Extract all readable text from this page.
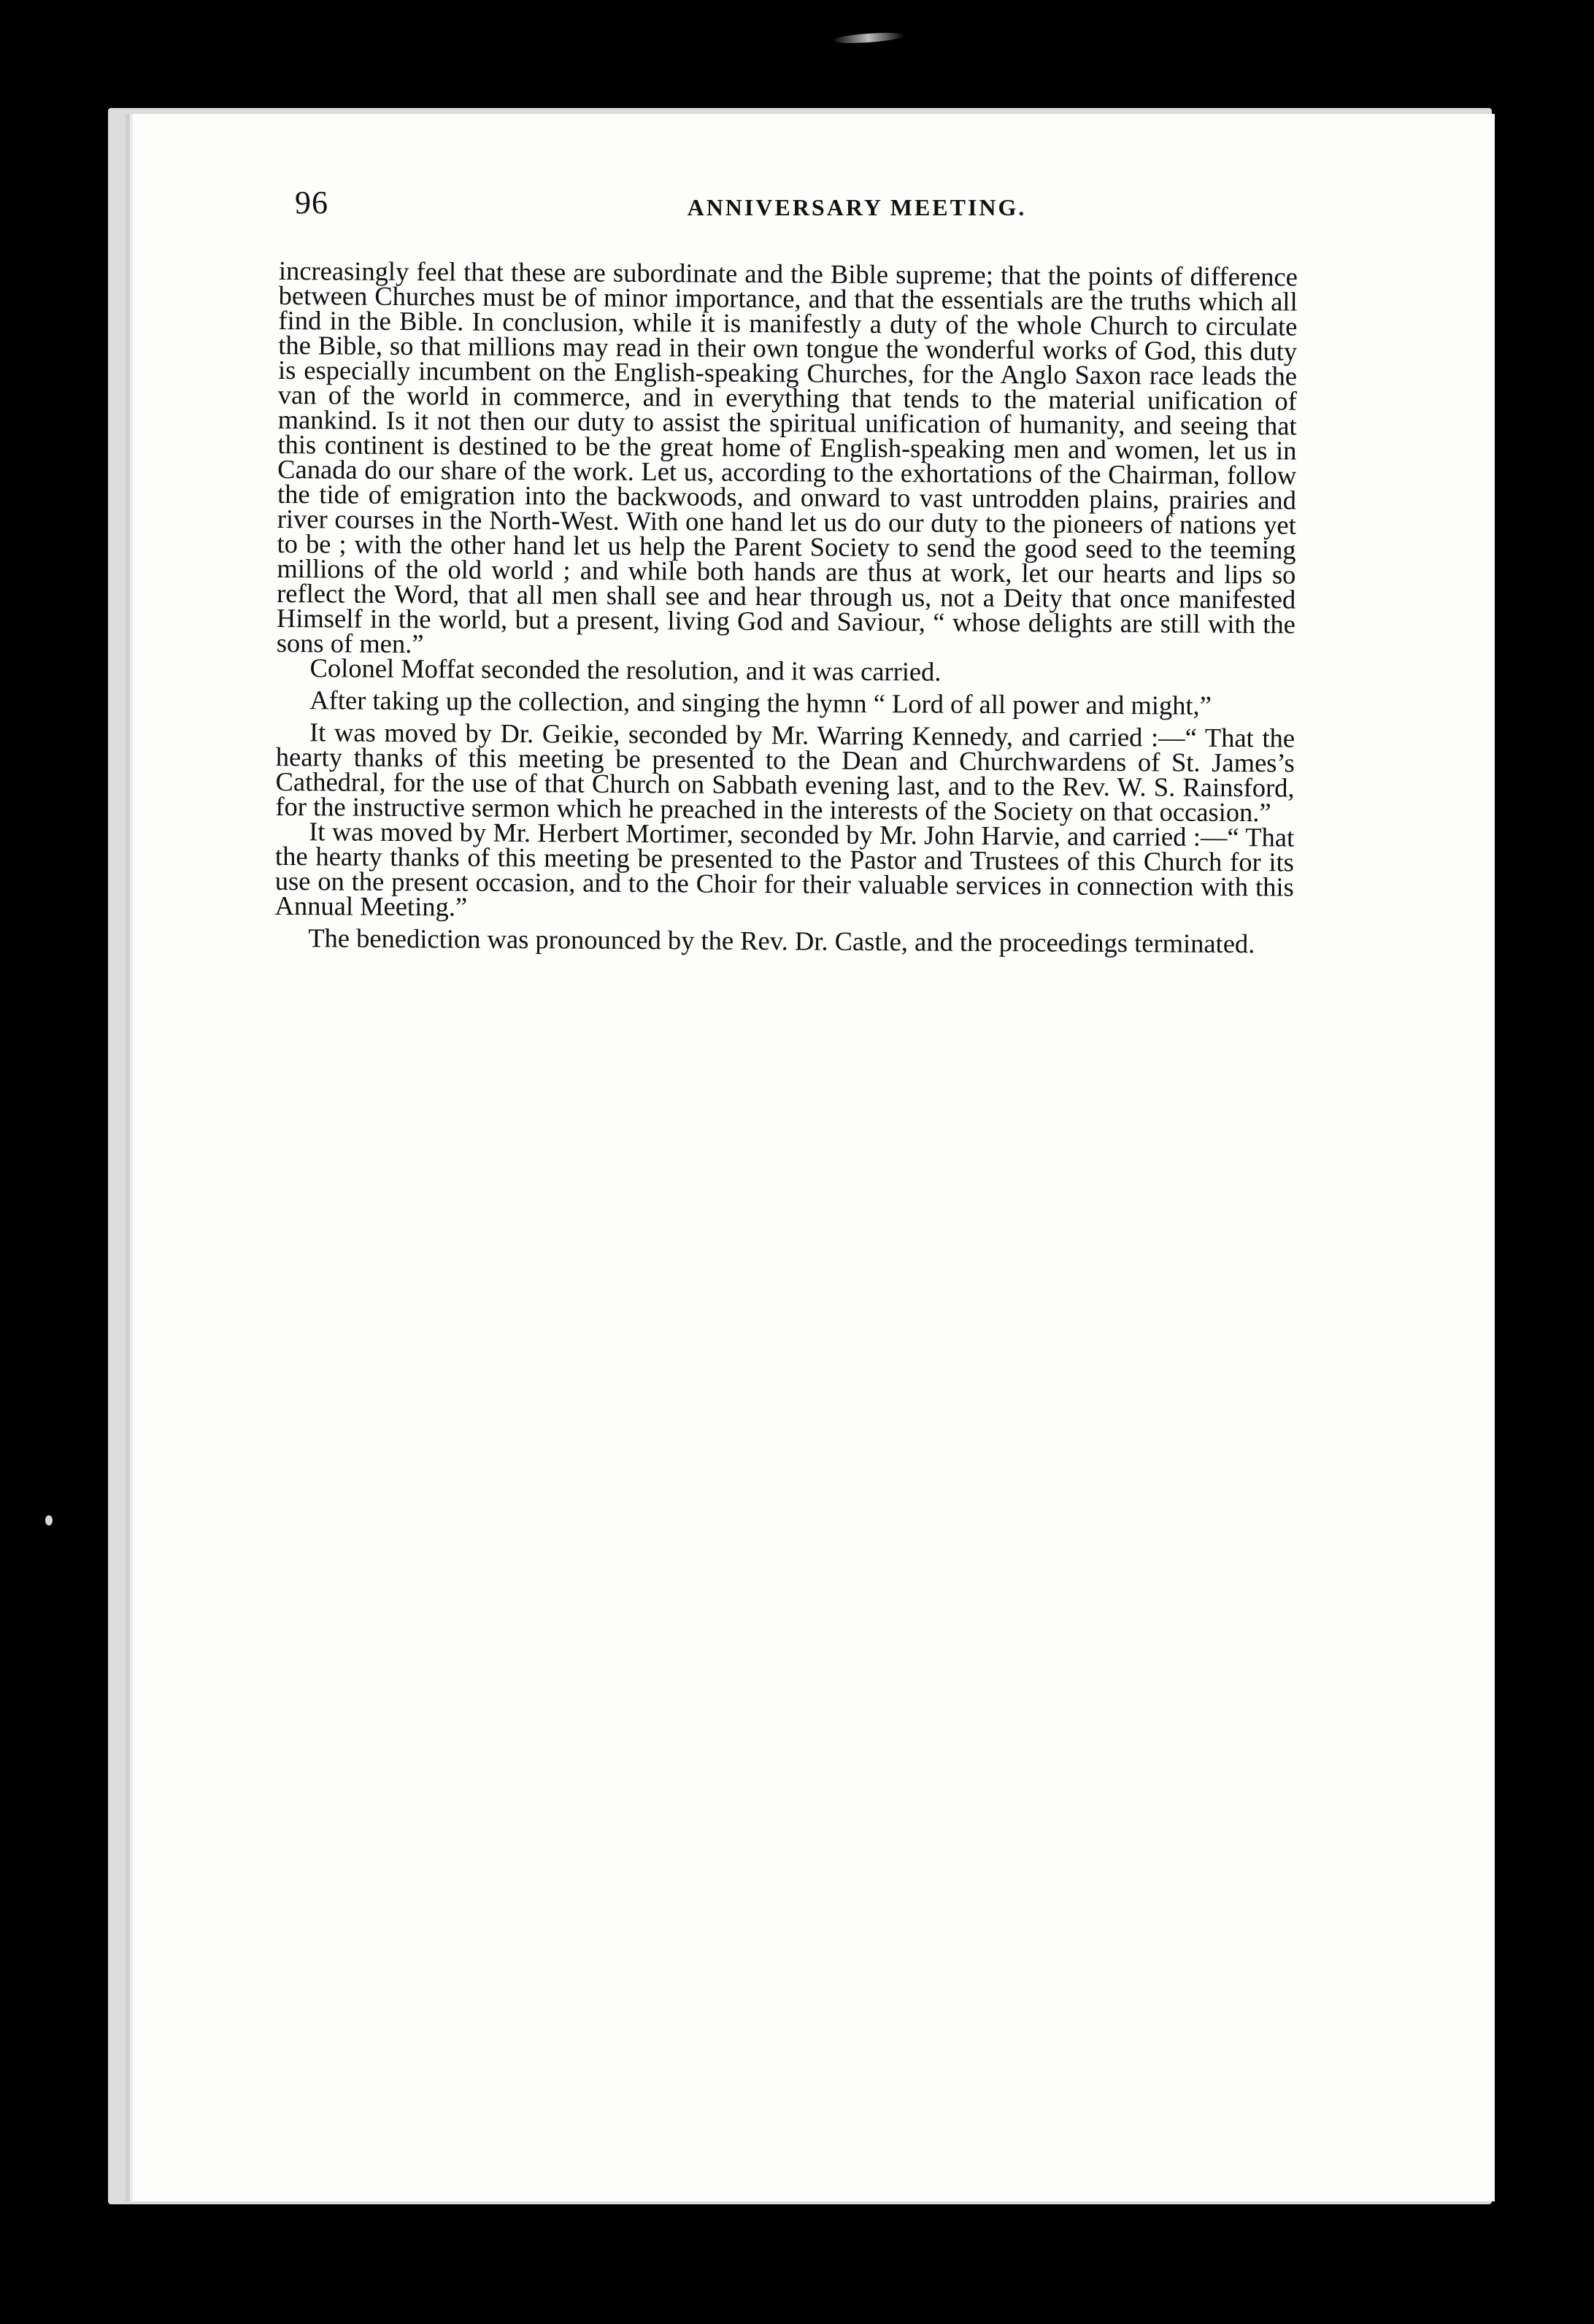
96	ANNIVERSARY MEETING.

increasingly feel that these are subordinate and the Bible supreme; that the points of difference between Churches must be of minor importance, and that the essentials are the truths which all find in the Bible. In conclusion, while it is manifestly a duty of the whole Church to circulate the Bible, so that millions may read in their own tongue the wonderful works of God, this duty is especially incumbent on the English-speaking Churches, for the Anglo Saxon race leads the van of the world in commerce, and in everything that tends to the material unification of mankind. Is it not then our duty to assist the spiritual unification of humanity, and seeing that this continent is destined to be the great home of English-speaking men and women, let us in Canada do our share of the work. Let us, according to the exhortations of the Chairman, follow the tide of emigration into the backwoods, and onward to vast untrodden plains, prairies and river courses in the North-West. With one hand let us do our duty to the pioneers of nations yet to be ; with the other hand let us help the Parent Society to send the good seed to the teeming millions of the old world ; and while both hands are thus at work, let our hearts and lips so reflect the Word, that all men shall see and hear through us, not a Deity that once manifested Himself in the world, but a present, living God and Saviour, “ whose delights are still with the sons of men.”

Colonel Moffat seconded the resolution, and it was carried.

After taking up the collection, and singing the hymn “ Lord of all power and might,”

It was moved by Dr. Geikie, seconded by Mr. Warring Kennedy, and carried :—“ That the hearty thanks of this meeting be presented to the Dean and Churchwardens of St. James’s Cathedral, for the use of that Church on Sabbath evening last, and to the Rev. W. S. Rainsford, for the instructive sermon which he preached in the interests of the Society on that occasion.”

It was moved by Mr. Herbert Mortimer, seconded by Mr. John Harvie, and carried :—“ That the hearty thanks of this meeting be presented to the Pastor and Trustees of this Church for its use on the present occasion, and to the Choir for their valuable services in connection with this Annual Meeting.”

The benediction was pronounced by the Rev. Dr. Castle, and the proceedings terminated.
